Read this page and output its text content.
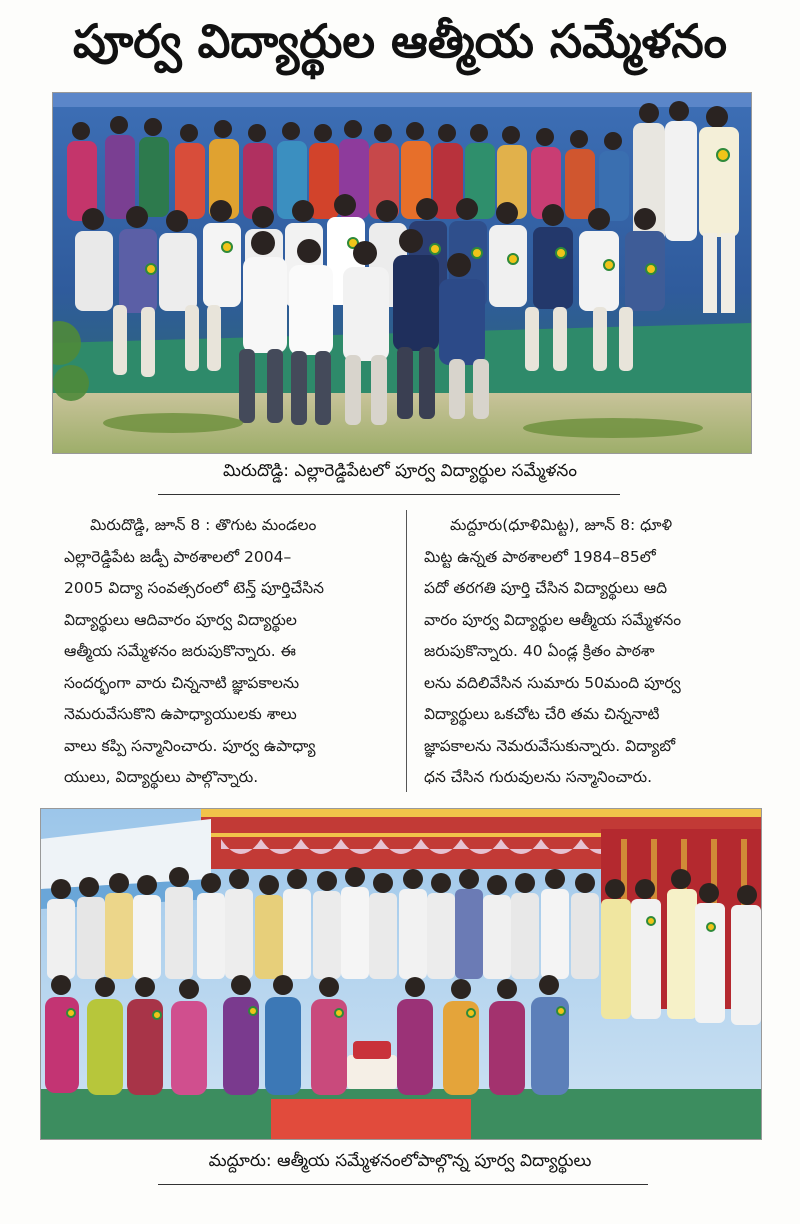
పూర్వ విద్యార్థుల ఆత్మీయ సమ్మేళనం
మిరుదొడ్డి: ఎల్లారెడ్డిపేటలో పూర్వ విద్యార్థుల సమ్మేళనం
మిరుదొడ్డి, జూన్ 8 : తొగుట మండలం
ఎల్లారెడ్డిపేట జడ్పీ పాఠశాలలో 2004–
2005 విద్యా సంవత్సరంలో టెన్త్ పూర్తిచేసిన
విద్యార్థులు ఆదివారం పూర్వ విద్యార్థుల
ఆత్మీయ సమ్మేళనం జరుపుకొన్నారు. ఈ
సందర్భంగా వారు చిన్ననాటి జ్ఞాపకాలను
నెమరువేసుకొని ఉపాధ్యాయులకు శాలు
వాలు కప్పి సన్మానించారు. పూర్వ ఉపాధ్యా
యులు, విద్యార్థులు పాల్గొన్నారు.
మద్దూరు(ధూళిమిట్ట), జూన్ 8: ధూళి
మిట్ట ఉన్నత పాఠశాలలో 1984–85లో
పదో తరగతి పూర్తి చేసిన విద్యార్థులు ఆది
వారం పూర్వ విద్యార్థుల ఆత్మీయ సమ్మేళనం
జరుపుకొన్నారు. 40 ఏండ్ల క్రితం పాఠశా
లను వదిలివేసిన సుమారు 50మంది పూర్వ
విద్యార్థులు ఒకచోట చేరి తమ చిన్ననాటి
జ్ఞాపకాలను నెమరువేసుకున్నారు. విద్యాబో
ధన చేసిన గురువులను సన్మానించారు.
మద్దూరు: ఆత్మీయ సమ్మేళనంలోపాల్గొన్న పూర్వ విద్యార్థులు
